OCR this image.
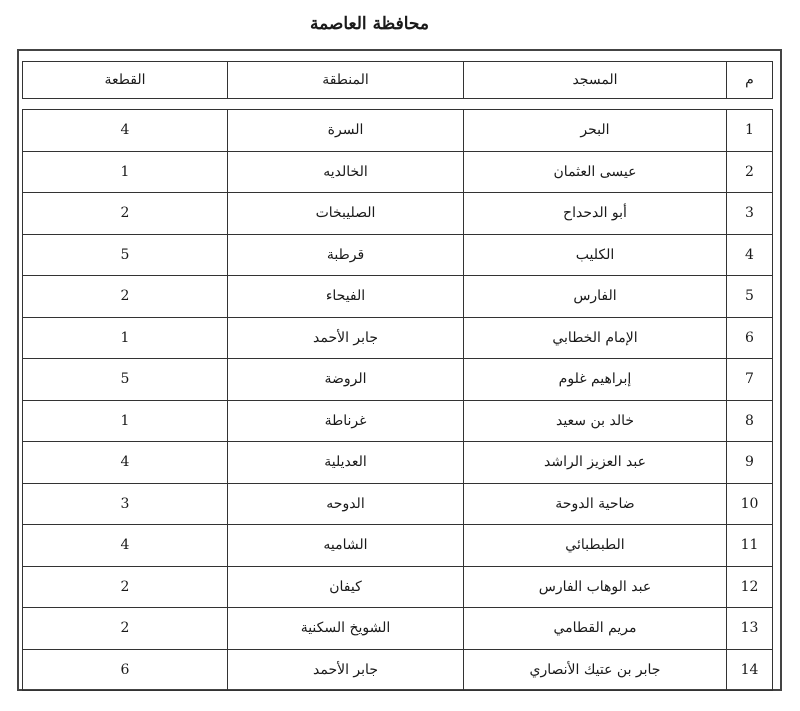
محافظة العاصمة
م	المسجد	المنطقة	القطعة
1	البحر	السرة	4
2	عيسى العثمان	الخالديه	1
3	أبو الدحداح	الصليبخات	2
4	الكليب	قرطبة	5
5	الفارس	الفيحاء	2
6	الإمام الخطابي	جابر الأحمد	1
7	إبراهيم غلوم	الروضة	5
8	خالد بن سعيد	غرناطة	1
9	عبد العزيز الراشد	العديلية	4
10	ضاحية الدوحة	الدوحه	3
11	الطبطبائي	الشاميه	4
12	عبد الوهاب الفارس	كيفان	2
13	مريم القطامي	الشويخ السكنية	2
14	جابر بن عتيك الأنصاري	جابر الأحمد	6
